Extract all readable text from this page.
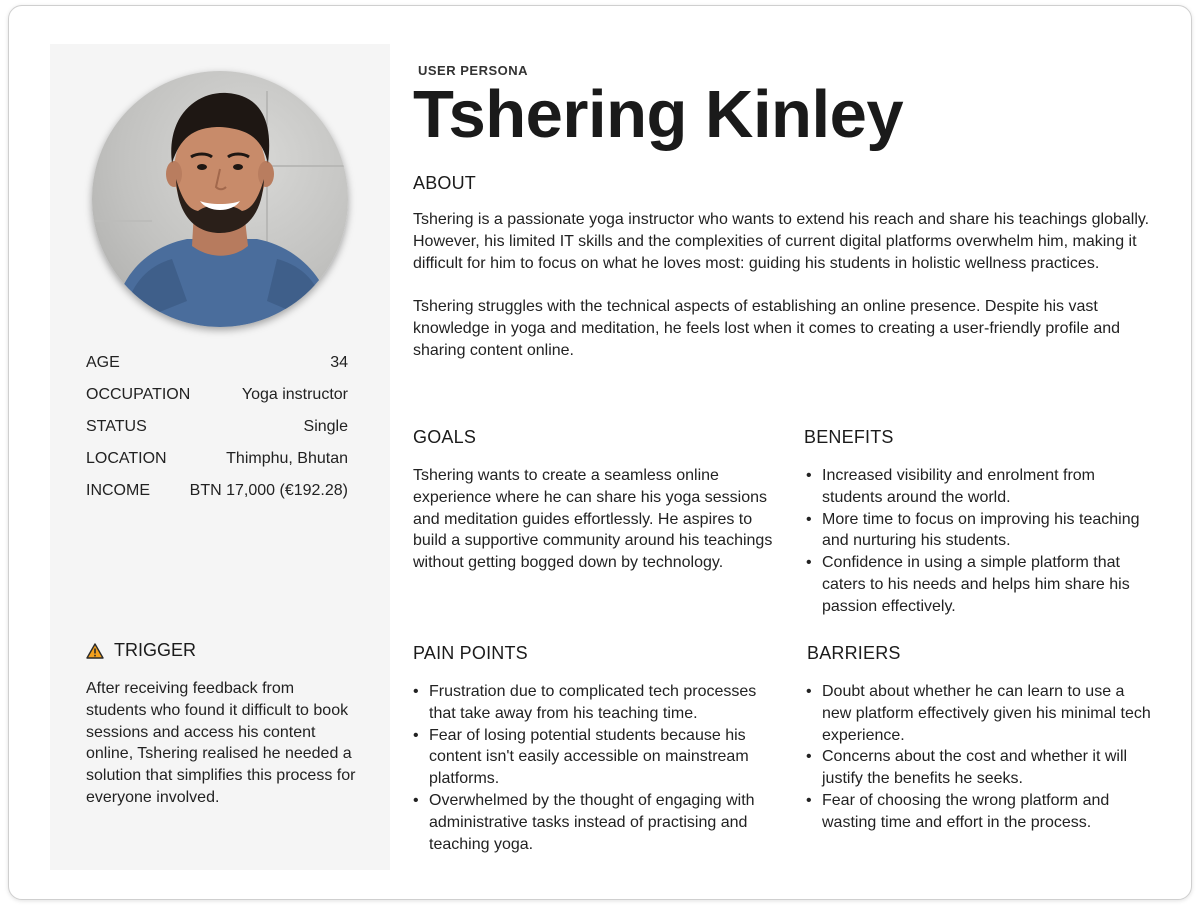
AGE	34
OCCUPATION	Yoga instructor
STATUS	Single
LOCATION	Thimphu, Bhutan
INCOME BTN 17,000 (€192.28)
TRIGGER

After receiving feedback from students who found it difficult to book sessions and access his content online, Tshering realised he needed a solution that simplifies this process for everyone involved.

USER PERSONA
Tshering Kinley
ABOUT

Tshering is a passionate yoga instructor who wants to extend his reach and share his teachings globally. However, his limited IT skills and the complexities of current digital platforms overwhelm him, making it difficult for him to focus on what he loves most: guiding his students in holistic wellness practices.

Tshering struggles with the technical aspects of establishing an online presence. Despite his vast knowledge in yoga and meditation, he feels lost when it comes to creating a user-friendly profile and sharing content online.

GOALS

Tshering wants to create a seamless online experience where he can share his yoga sessions and meditation guides effortlessly. He aspires to build a supportive community around his teachings without getting bogged down by technology.

BENEFITS
• Increased visibility and enrolment from students around the world.
• More time to focus on improving his teaching and nurturing his students.
• Confidence in using a simple platform that caters to his needs and helps him share his passion effectively.
PAIN POINTS
• Frustration due to complicated tech processes that take away from his teaching time.
• Fear of losing potential students because his content isn't easily accessible on mainstream platforms.
• Overwhelmed by the thought of engaging with administrative tasks instead of practising and teaching yoga.
BARRIERS
• Doubt about whether he can learn to use a new platform effectively given his minimal tech experience.
• Concerns about the cost and whether it will justify the benefits he seeks.
• Fear of choosing the wrong platform and wasting time and effort in the process.
